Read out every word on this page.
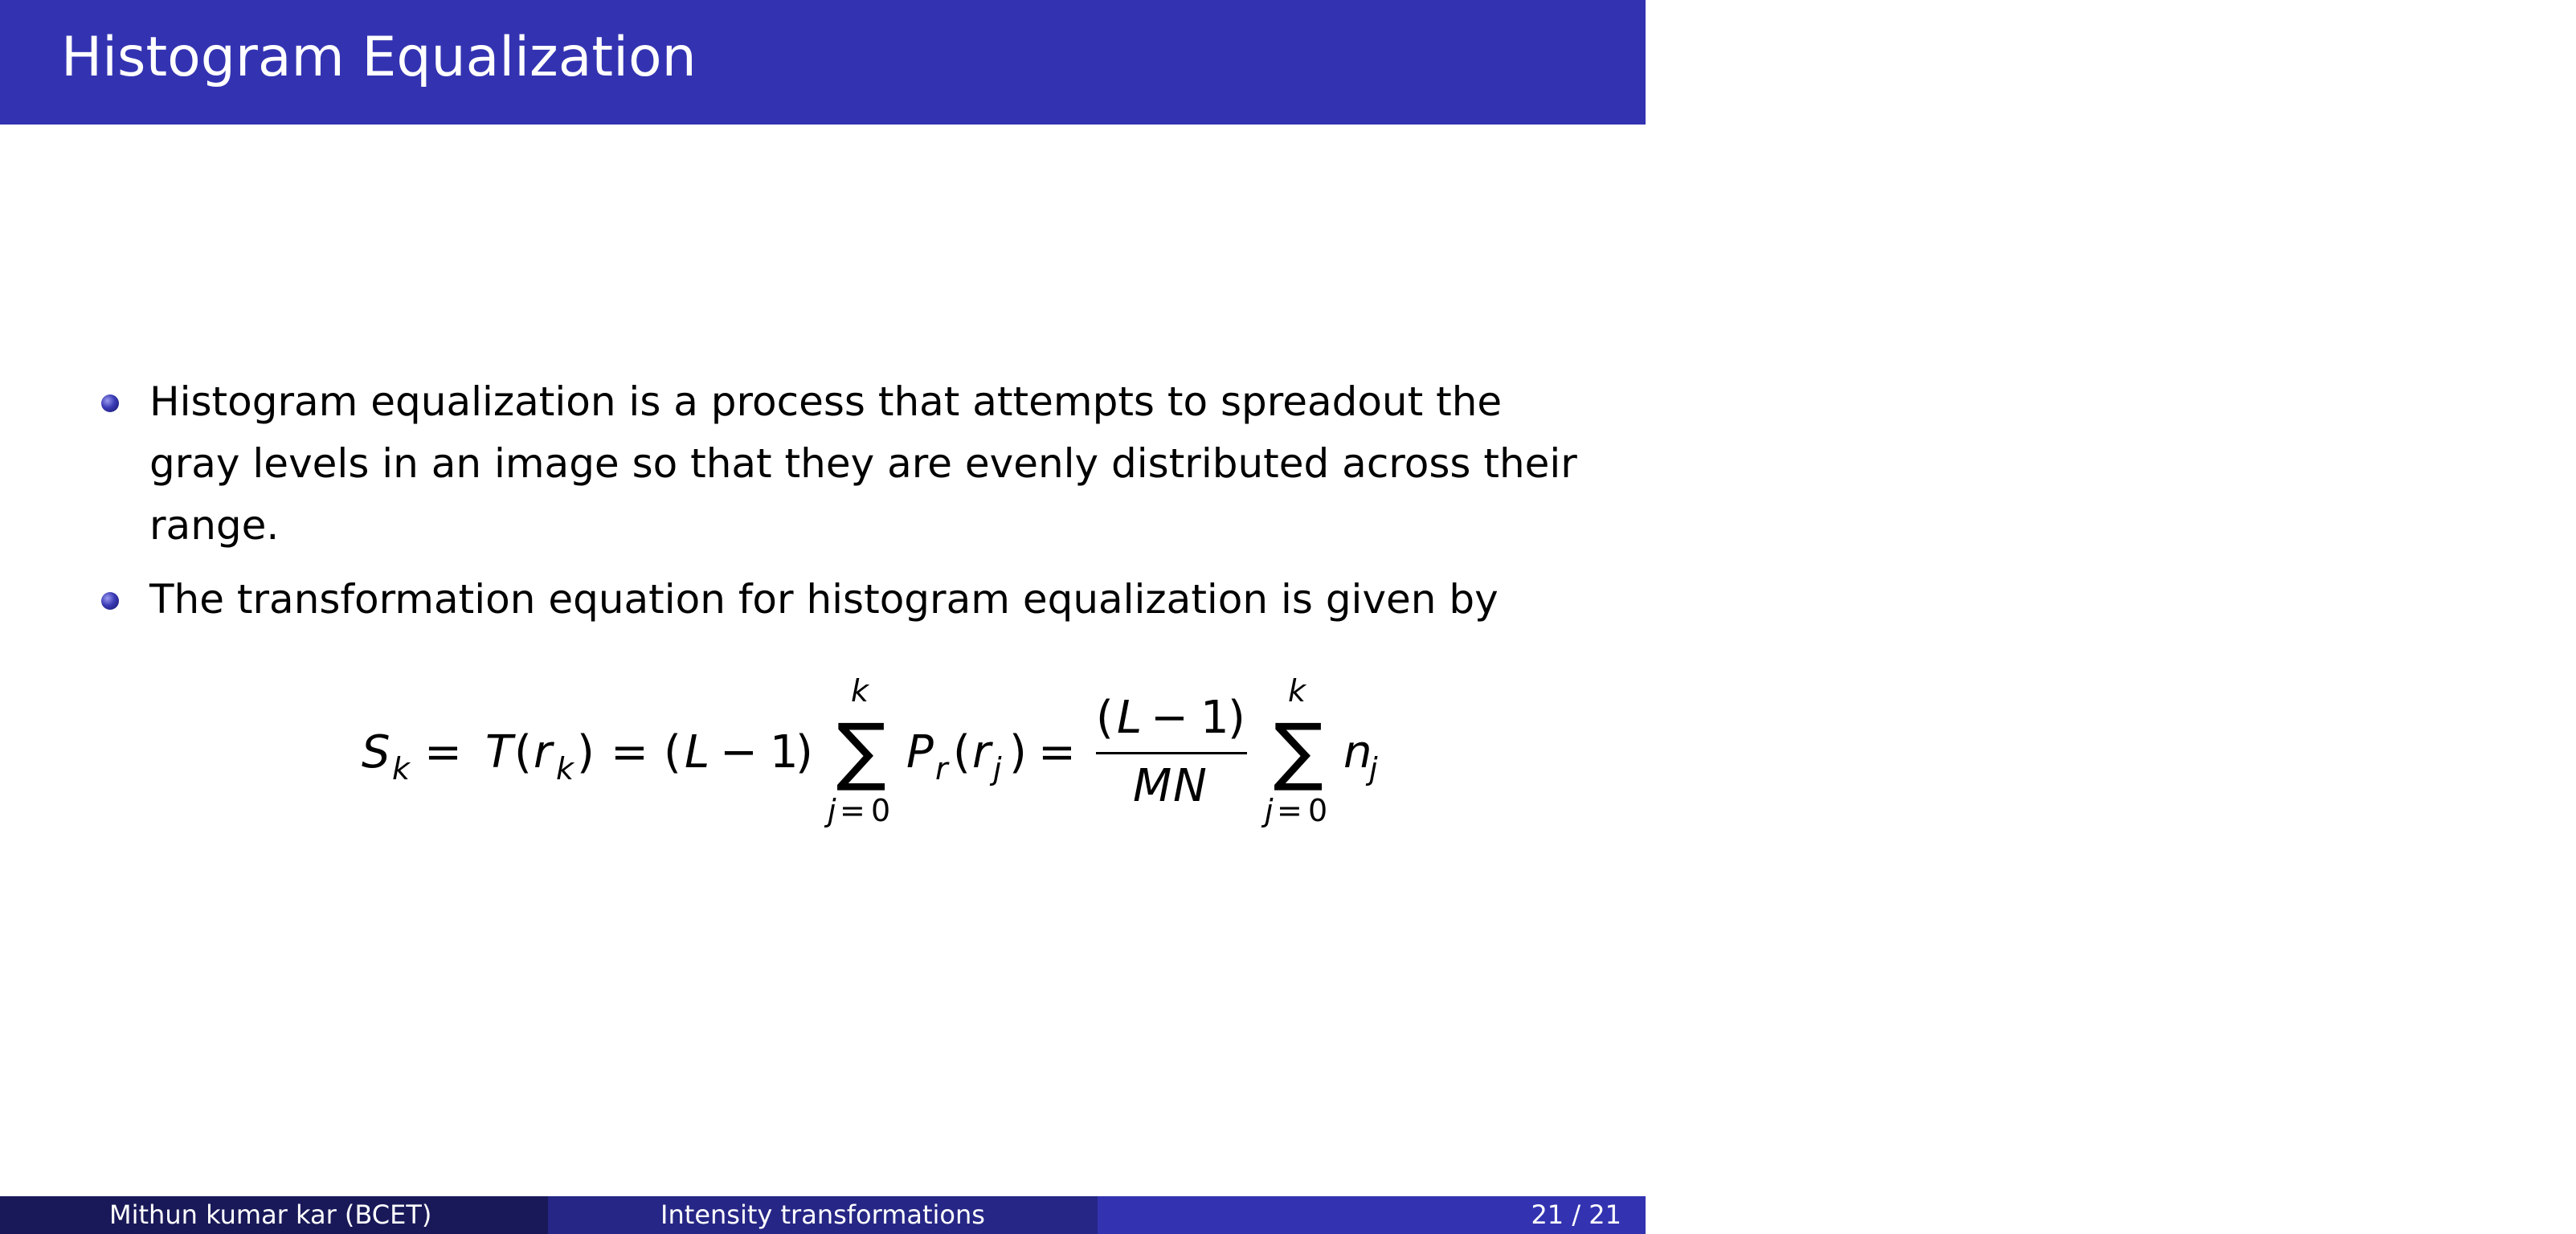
Histogram Equalization
Histogram equalization is a process that attempts to spreadout the gray levels in an image so that they are evenly distributed across their range.
The transformation equation for histogram equalization is given by
S k = T ( r k ) = ( L − 1
)
k
∑
j = 0
P r ( r j ) =
( L − 1
)
M N
k
∑
j = 0
n
j
Mithun kumar kar (BCET)	Intensity transformations	August 23, 2020
21 / 21
